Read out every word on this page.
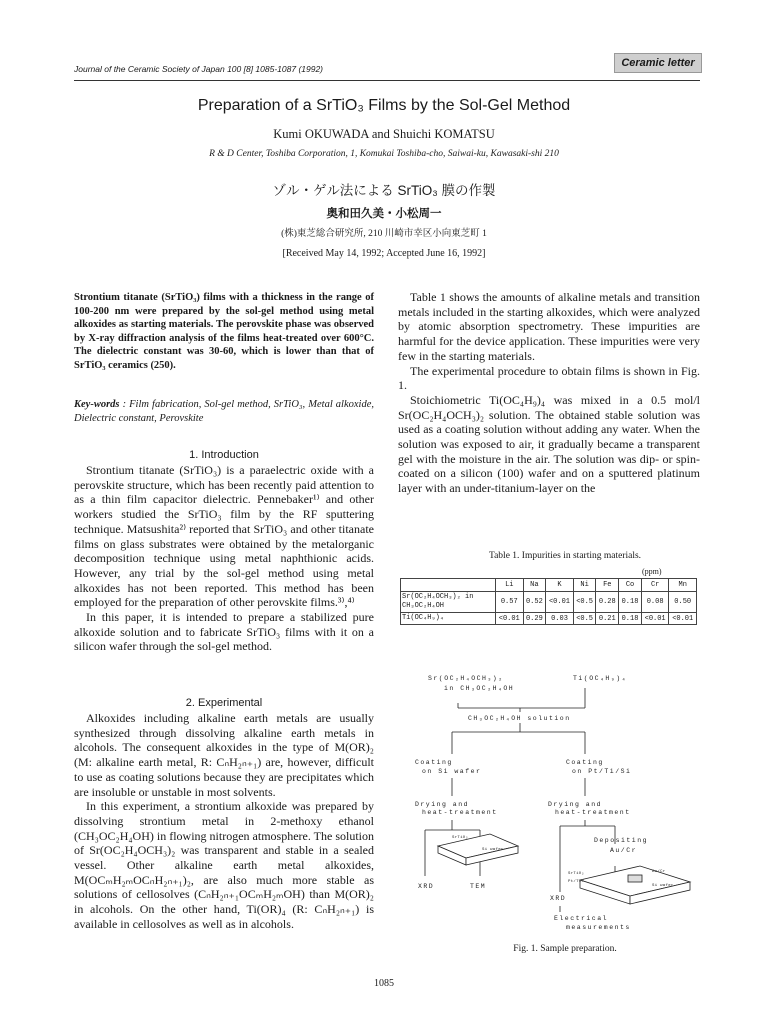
Journal of the Ceramic Society of Japan 100 [8] 1085-1087 (1992)	Ceramic letter
Preparation of a SrTiO₃ Films by the Sol-Gel Method
Kumi OKUWADA and Shuichi KOMATSU
R & D Center, Toshiba Corporation, 1, Komukai Toshiba-cho, Saiwai-ku, Kawasaki-shi 210
ゾル・ゲル法による SrTiO₃ 膜の作製
奥和田久美・小松周一
(株)東芝総合研究所, 210 川崎市幸区小向東芝町 1
[Received May 14, 1992; Accepted June 16, 1992]
Strontium titanate (SrTiO₃) films with a thickness in the range of 100-200 nm were prepared by the sol-gel method using metal alkoxides as starting materials. The perovskite phase was observed by X-ray diffraction analysis of the films heat-treated over 600°C. The dielectric constant was 30-60, which is lower than that of SrTiO₃ ceramics (250).
Key-words : Film fabrication, Sol-gel method, SrTiO₃, Metal alkoxide, Dielectric constant, Perovskite
1. Introduction

Strontium titanate (SrTiO₃) is a paraelectric oxide with a perovskite structure, which has been recently paid attention to as a thin film capacitor dielectric. Pennebaker¹⁾ and other workers studied the SrTiO₃ film by the RF sputtering technique. Matsushita²⁾ reported that SrTiO₃ and other titanate films on glass substrates were obtained by the metalorganic decomposition technique using metal naphthionic acids. However, any trial by the sol-gel method using metal alkoxides has not been reported. This method has been employed for the preparation of other perovskite films.³⁾,⁴⁾

In this paper, it is intended to prepare a stabilized pure alkoxide solution and to fabricate SrTiO₃ films with it on a silicon wafer through the sol-gel method.

2. Experimental

Alkoxides including alkaline earth metals are usually synthesized through dissolving alkaline earth metals in alcohols. The consequent alkoxides in the type of M(OR)₂ (M: alkaline earth metal, R: CₙH₂ₙ₊₁) are, however, difficult to use as coating solutions because they are precipitates which are insoluble or unstable in most solvents.

In this experiment, a strontium alkoxide was prepared by dissolving strontium metal in 2-methoxy ethanol (CH₃OC₂H₄OH) in flowing nitrogen atmosphere. The solution of Sr(OC₂H₄OCH₃)₂ was transparent and stable in a sealed vessel. Other alkaline earth metal alkoxides, M(OCₘH₂ₘOCₙH₂ₙ₊₁)₂, are also much more stable as solutions of cellosolves (CₙH₂ₙ₊₁OCₘH₂ₘOH) than M(OR)₂ in alcohols. On the other hand, Ti(OR)₄ (R: CₙH₂ₙ₊₁) is available in cellosolves as well as in alcohols.

Table 1 shows the amounts of alkaline metals and transition metals included in the starting alkoxides, which were analyzed by atomic absorption spectrometry. These impurities are harmful for the device application. These impurities were very few in the starting materials.

The experimental procedure to obtain films is shown in Fig. 1.

Stoichiometric Ti(OC₄H₉)₄ was mixed in a 0.5 mol/l Sr(OC₂H₄OCH₃)₂ solution. The obtained stable solution was used as a coating solution without adding any water. When the solution was exposed to air, it gradually became a transparent gel with the moisture in the air. The solution was dip- or spin-coated on a silicon (100) wafer and on a sputtered platinum layer with an under-titanium-layer on the

Table 1. Impurities in starting materials.
(ppm)
	Li	Na	K	Ni	Fe	Co	Cr	Mn
Sr(OC₂H₄OCH₃)₂ in CH₃OC₂H₄OH	0.57	0.52	<0.01	<0.5	0.28	0.18	0.08	0.50
Ti(OC₄H₉)₄	<0.01	0.29	0.03	<0.5	0.21	0.18	<0.01	<0.01
Sr(OC₂H₄OCH₃)₂
in CH₃OC₂H₄OH
Ti(OC₄H₉)₄
CH₃OC₂H₄OH solution
Coating
on Si wafer
Coating
on Pt/Ti/Si
Drying and
heat-treatment
Drying and
heat-treatment
SrTiO₃
Si wafer
Depositing
Au/Cr
Au/Cr
SrTiO₃
Pt/Ti/
Si wafer
XRD	TEM
XRD
Electrical
measurements
Fig. 1. Sample preparation.
1085
